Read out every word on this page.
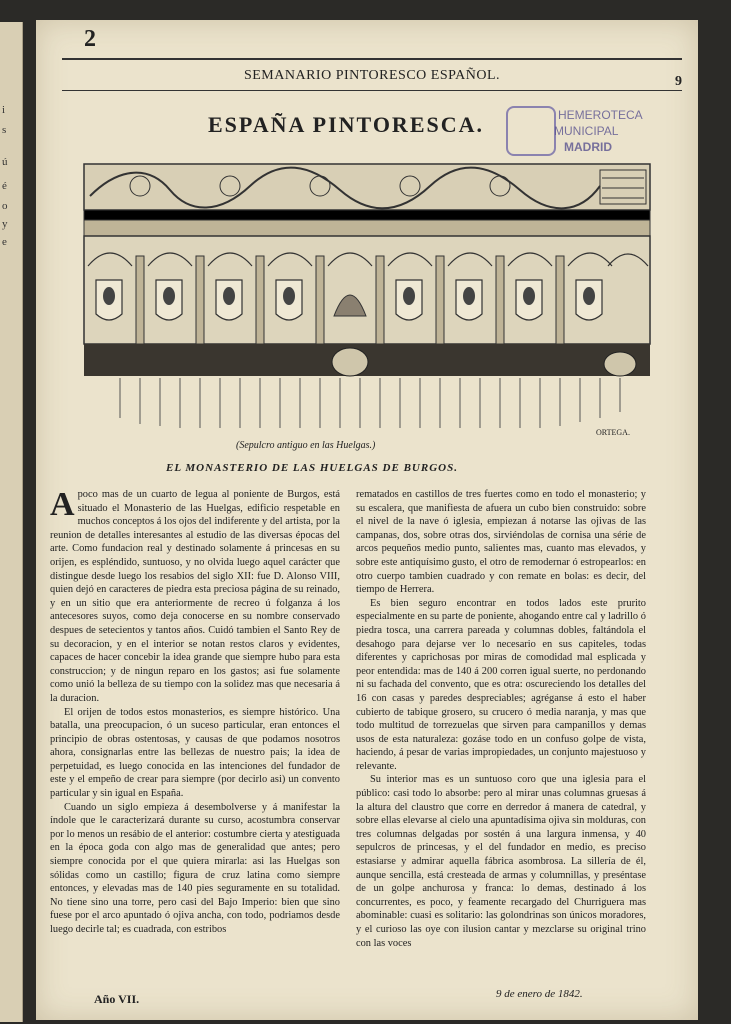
i
s
ú
é
o
y
e
2
SEMANARIO PINTORESCO ESPAÑOL.	9
ESPAÑA PINTORESCA.	HEMEROTECA
MUNICIPAL
MADRID
ORTEGA.
(Sepulcro antiguo en las Huelgas.)
EL MONASTERIO DE LAS HUELGAS DE BURGOS.

Apoco mas de un cuarto de legua al poniente de Burgos, está situado el Monasterio de las Huelgas, edificio respetable en muchos conceptos á los ojos del indiferente y del artista, por la reunion de detalles interesantes al estudio de las diversas épocas del arte. Como fundacion real y destinado solamente á princesas en su orijen, es espléndido, suntuoso, y no olvida luego aquel carácter que distingue desde luego los resabios del siglo XII: fue D. Alonso VIII, quien dejó en caracteres de piedra esta preciosa página de su reinado, y en un sitio que era anteriormente de recreo ú folganza á los antecesores suyos, como deja conocerse en su nombre conservado despues de setecientos y tantos años. Cuidó tambien el Santo Rey de su decoracion, y en el interior se notan restos claros y evidentes, capaces de hacer concebir la idea grande que siempre hubo para esta construccion; y de ningun reparo en los gastos; asi fue solamente como unió la belleza de su tiempo con la solidez mas que necesaria á la duracion.

El orijen de todos estos monasterios, es siempre histórico. Una batalla, una preocupacion, ó un suceso particular, eran entonces el principio de obras ostentosas, y causas de que podamos nosotros ahora, consignarlas entre las bellezas de nuestro pais; la idea de perpetuidad, es luego conocida en las intenciones del fundador de este y el empeño de crear para siempre (por decirlo asi) un convento particular y sin igual en España.

Cuando un siglo empieza á desembolverse y á manifestar la índole que le caracterizará durante su curso, acostumbra conservar por lo menos un resábio de el anterior: costumbre cierta y atestiguada en la época goda con algo mas de generalidad que antes; pero siempre conocida por el que quiera mirarla: asi las Huelgas son sólidas como un castillo; figura de cruz latina como siempre entonces, y elevadas mas de 140 pies seguramente en su totalidad. No tiene sino una torre, pero casi del Bajo Imperio: bien que sino fuese por el arco apuntado ó ojiva ancha, con todo, podriamos desde luego decirle tal; es cuadrada, con estribos

rematados en castillos de tres fuertes como en todo el monasterio; y su escalera, que manifiesta de afuera un cubo bien construido: sobre el nivel de la nave ó iglesia, empiezan á notarse las ojivas de las campanas, dos, sobre otras dos, sirviéndolas de cornisa una série de arcos pequeños medio punto, salientes mas, cuanto mas elevados, y sobre este antiquísimo gusto, el otro de remodernar ó estropearlos: en otro cuerpo tambien cuadrado y con remate en bolas: es decir, del tiempo de Herrera.

Es bien seguro encontrar en todos lados este prurito especialmente en su parte de poniente, ahogando entre cal y ladrillo ó piedra tosca, una carrera pareada y columnas dobles, faltándola el desahogo para dejarse ver lo necesario en sus capiteles, todas diferentes y caprichosas por miras de comodidad mal esplicada y peor entendida: mas de 140 á 200 corren igual suerte, no perdonando ni su fachada del convento, que es otra: oscureciendo los detalles del 16 con casas y paredes despreciables; agréganse á esto el haber cubierto de tabique grosero, su crucero ó media naranja, y mas que todo multitud de torrezuelas que sirven para campanillos y demas usos de esta naturaleza: gozáse todo en un confuso golpe de vista, haciendo, á pesar de varias impropiedades, un conjunto majestuoso y relevante.

Su interior mas es un suntuoso coro que una iglesia para el público: casi todo lo absorbe: pero al mirar unas columnas gruesas á la altura del claustro que corre en derredor á manera de catedral, y sobre ellas elevarse al cielo una apuntadísima ojiva sin molduras, con tres columnas delgadas por sostén á una largura inmensa, y 40 sepulcros de princesas, y el del fundador en medio, es preciso estasiarse y admirar aquella fábrica asombrosa. La sillería de él, aunque sencilla, está cresteada de armas y columnillas, y preséntase de un golpe anchurosa y franca: lo demas, destinado á los concurrentes, es poco, y feamente recargado del Churriguera mas abominable: cuasi es solitario: las golondrinas son únicos moradores, y el curioso las oye con ilusion cantar y mezclarse su original trino con las voces

Año VII.	9 de enero de 1842.
